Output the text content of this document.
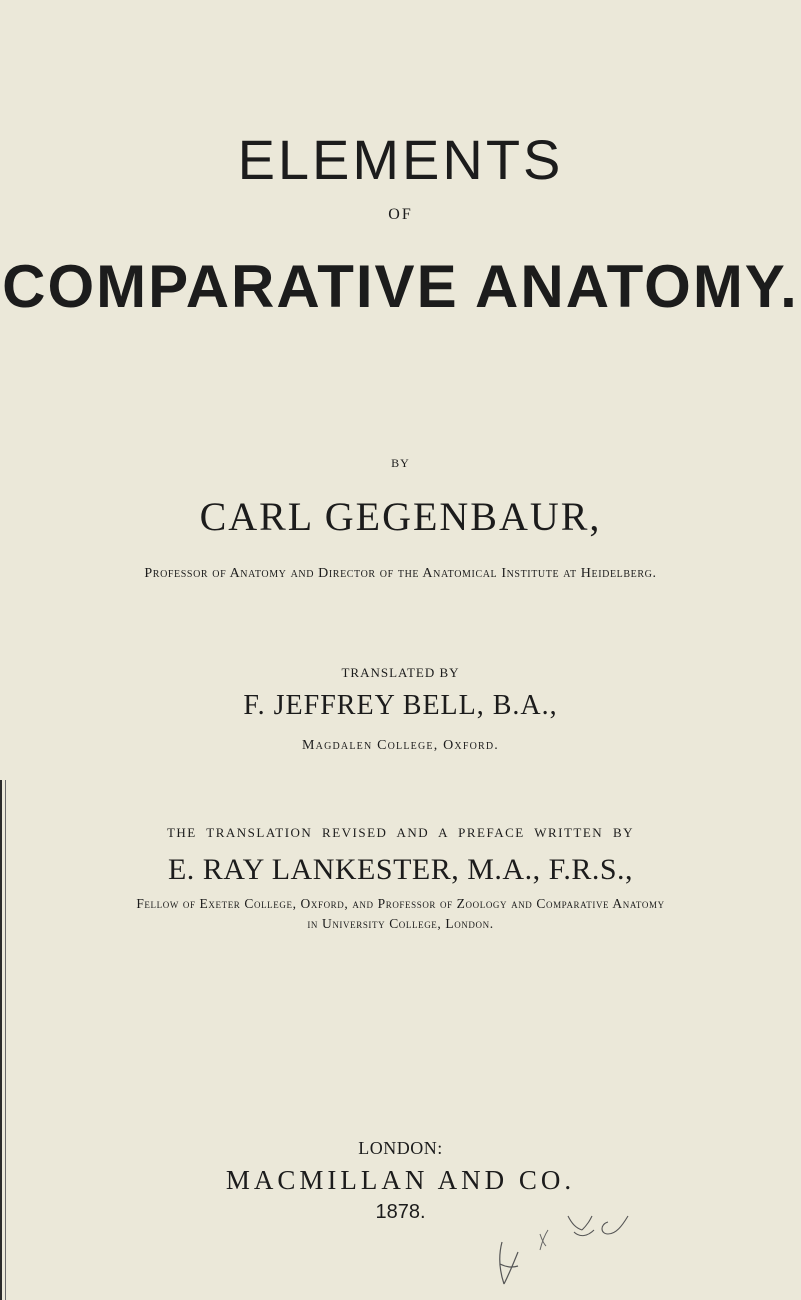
ELEMENTS
OF
COMPARATIVE ANATOMY.
BY
CARL GEGENBAUR,
Professor of Anatomy and Director of the Anatomical Institute at Heidelberg.
TRANSLATED BY
F. JEFFREY BELL, B.A.,
Magdalen College, Oxford.
THE TRANSLATION REVISED AND A PREFACE WRITTEN BY
E. RAY LANKESTER, M.A., F.R.S.,
Fellow of Exeter College, Oxford, and Professor of Zoology and Comparative Anatomy
in University College, London.
LONDON:
MACMILLAN AND CO.
1878.
